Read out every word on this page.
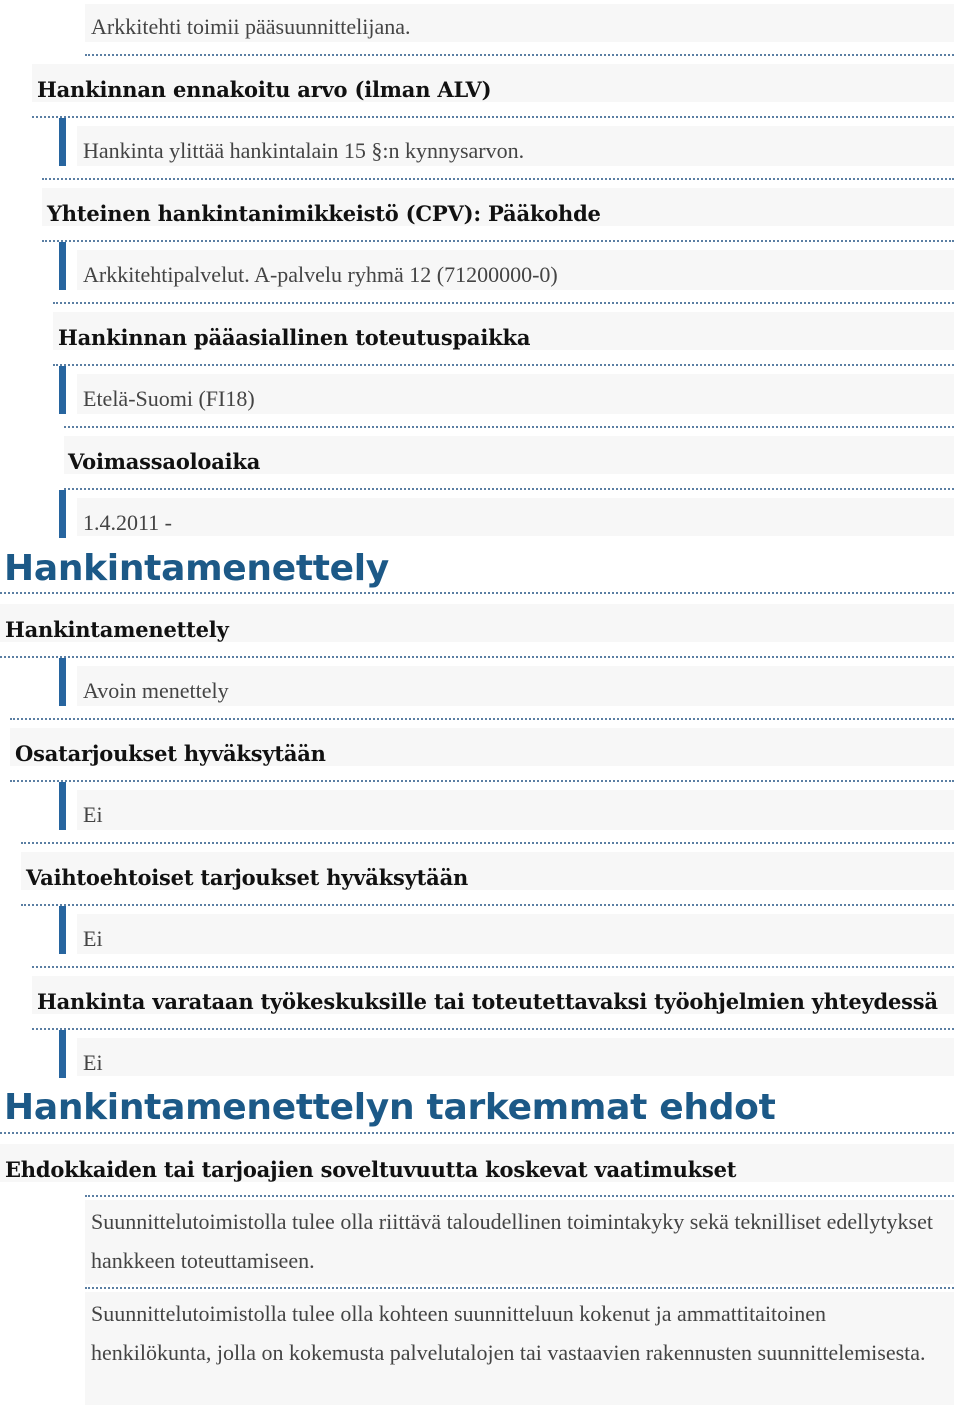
Arkkitehti toimii pääsuunnittelijana.
Hankinnan ennakoitu arvo (ilman ALV)
Hankinta ylittää hankintalain 15 §:n kynnysarvon.
Yhteinen hankintanimikkeistö (CPV): Pääkohde
Arkkitehtipalvelut. A-palvelu ryhmä 12 (71200000-0)
Hankinnan pääasiallinen toteutuspaikka
Etelä-Suomi (FI18)
Voimassaoloaika
1.4.2011 -
Hankintamenettely
Hankintamenettely
Avoin menettely
Osatarjoukset hyväksytään
Ei
Vaihtoehtoiset tarjoukset hyväksytään
Ei
Hankinta varataan työkeskuksille tai toteutettavaksi työohjelmien yhteydessä
Ei
Hankintamenettelyn tarkemmat ehdot
Ehdokkaiden tai tarjoajien soveltuvuutta koskevat vaatimukset
Suunnittelutoimistolla tulee olla riittävä taloudellinen toimintakyky sekä teknilliset edellytykset hankkeen toteuttamiseen.
Suunnittelutoimistolla tulee olla kohteen suunnitteluun kokenut ja ammattitaitoinen henkilökunta, jolla on kokemusta palvelutalojen tai vastaavien rakennusten suunnittelemisesta.
